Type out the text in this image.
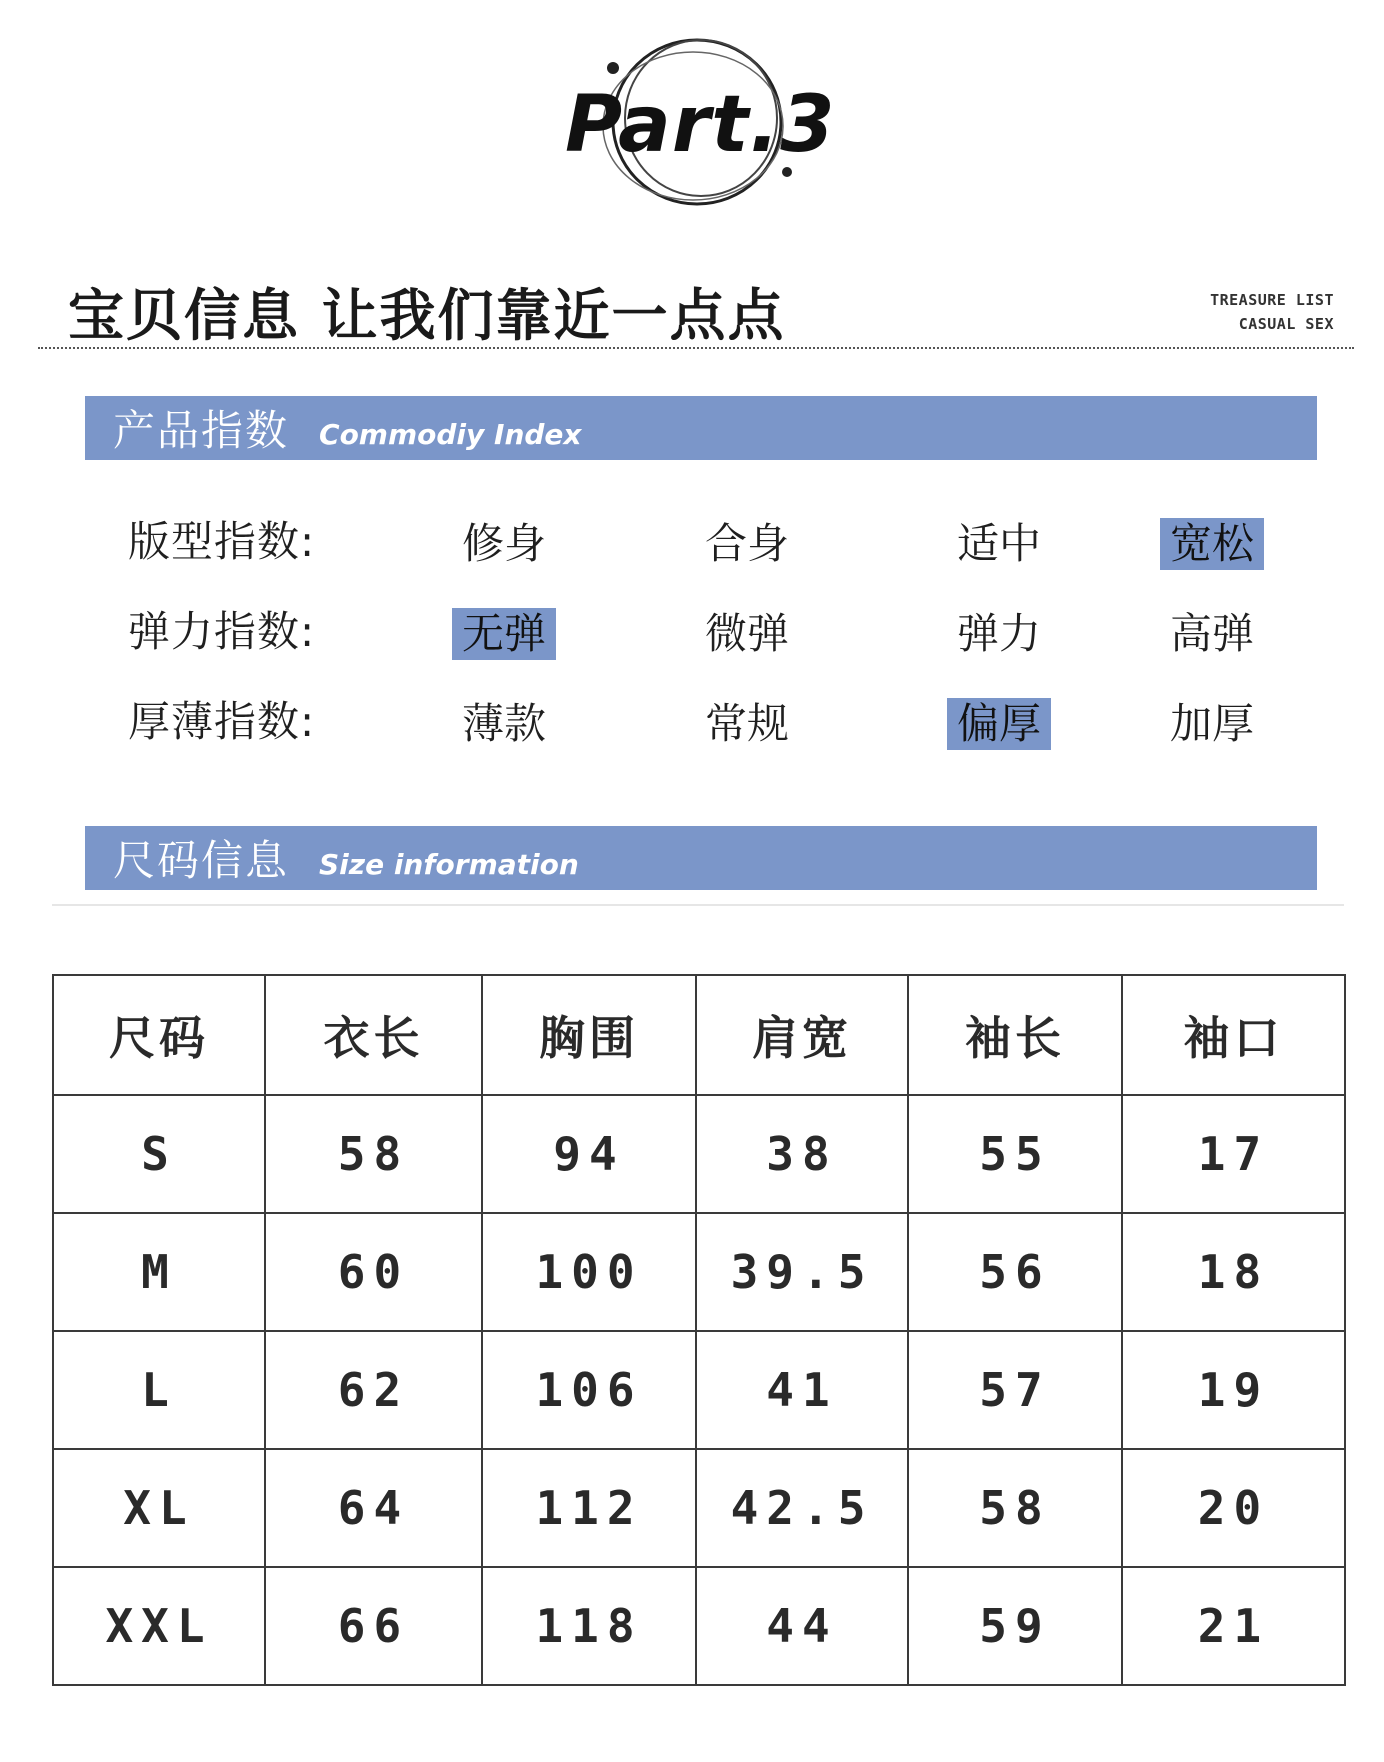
Part.3
宝贝信息 让我们靠近一点点	TREASURE LIST
CASUAL SEX
产品指数 Commodiy Index
版型指数:	修身	合身	适中	宽松
弹力指数:	无弹	微弹	弹力	高弹
厚薄指数:	薄款	常规	偏厚	加厚
尺码信息 Size information
尺码	衣长	胸围	肩宽	袖长	袖口
S	58	94	38	55	17
M	60	100	39.5	56	18
L	62	106	41	57	19
XL	64	112	42.5	58	20
XXL	66	118	44	59	21
